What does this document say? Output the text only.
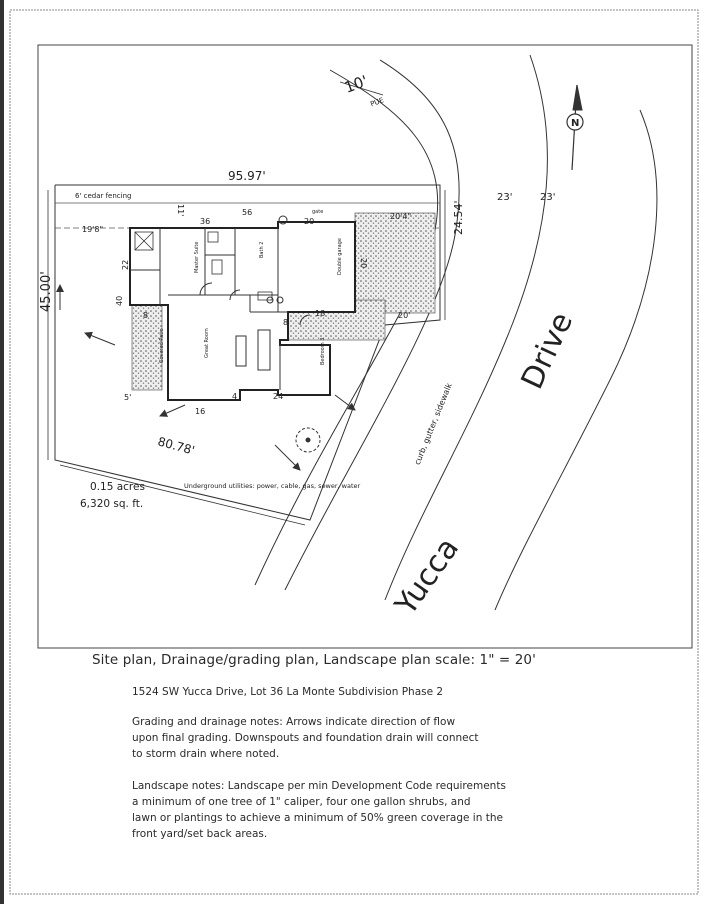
N
10'
PUE
95.97'
6' cedar fencing
45.00'
24.54'
80.78'
19'8"
20'4"
20'
5'
23'	23'
Yucca
Drive
curb, gutter, sidewalk
Underground utilities: power, cable, gas, sewer, water
0.15 acres
6,320 sq. ft.
36
56
20
11'
22
40
8
8
20
18
16
4	24
Master Suite	Bath 2	Double garage
Great Room	Bedroom 3
gate
Covered Patio
Site plan, Drainage/grading plan, Landscape plan scale: 1" = 20'
1524 SW Yucca Drive, Lot 36 La Monte Subdivision Phase 2
Grading and drainage notes: Arrows indicate direction of flow
upon final grading. Downspouts and foundation drain will connect
to storm drain where noted.
Landscape notes: Landscape per min Development Code requirements
a minimum of one tree of 1" caliper, four one gallon shrubs, and
lawn or plantings to achieve a minimum of 50% green coverage in the
front yard/set back areas.
